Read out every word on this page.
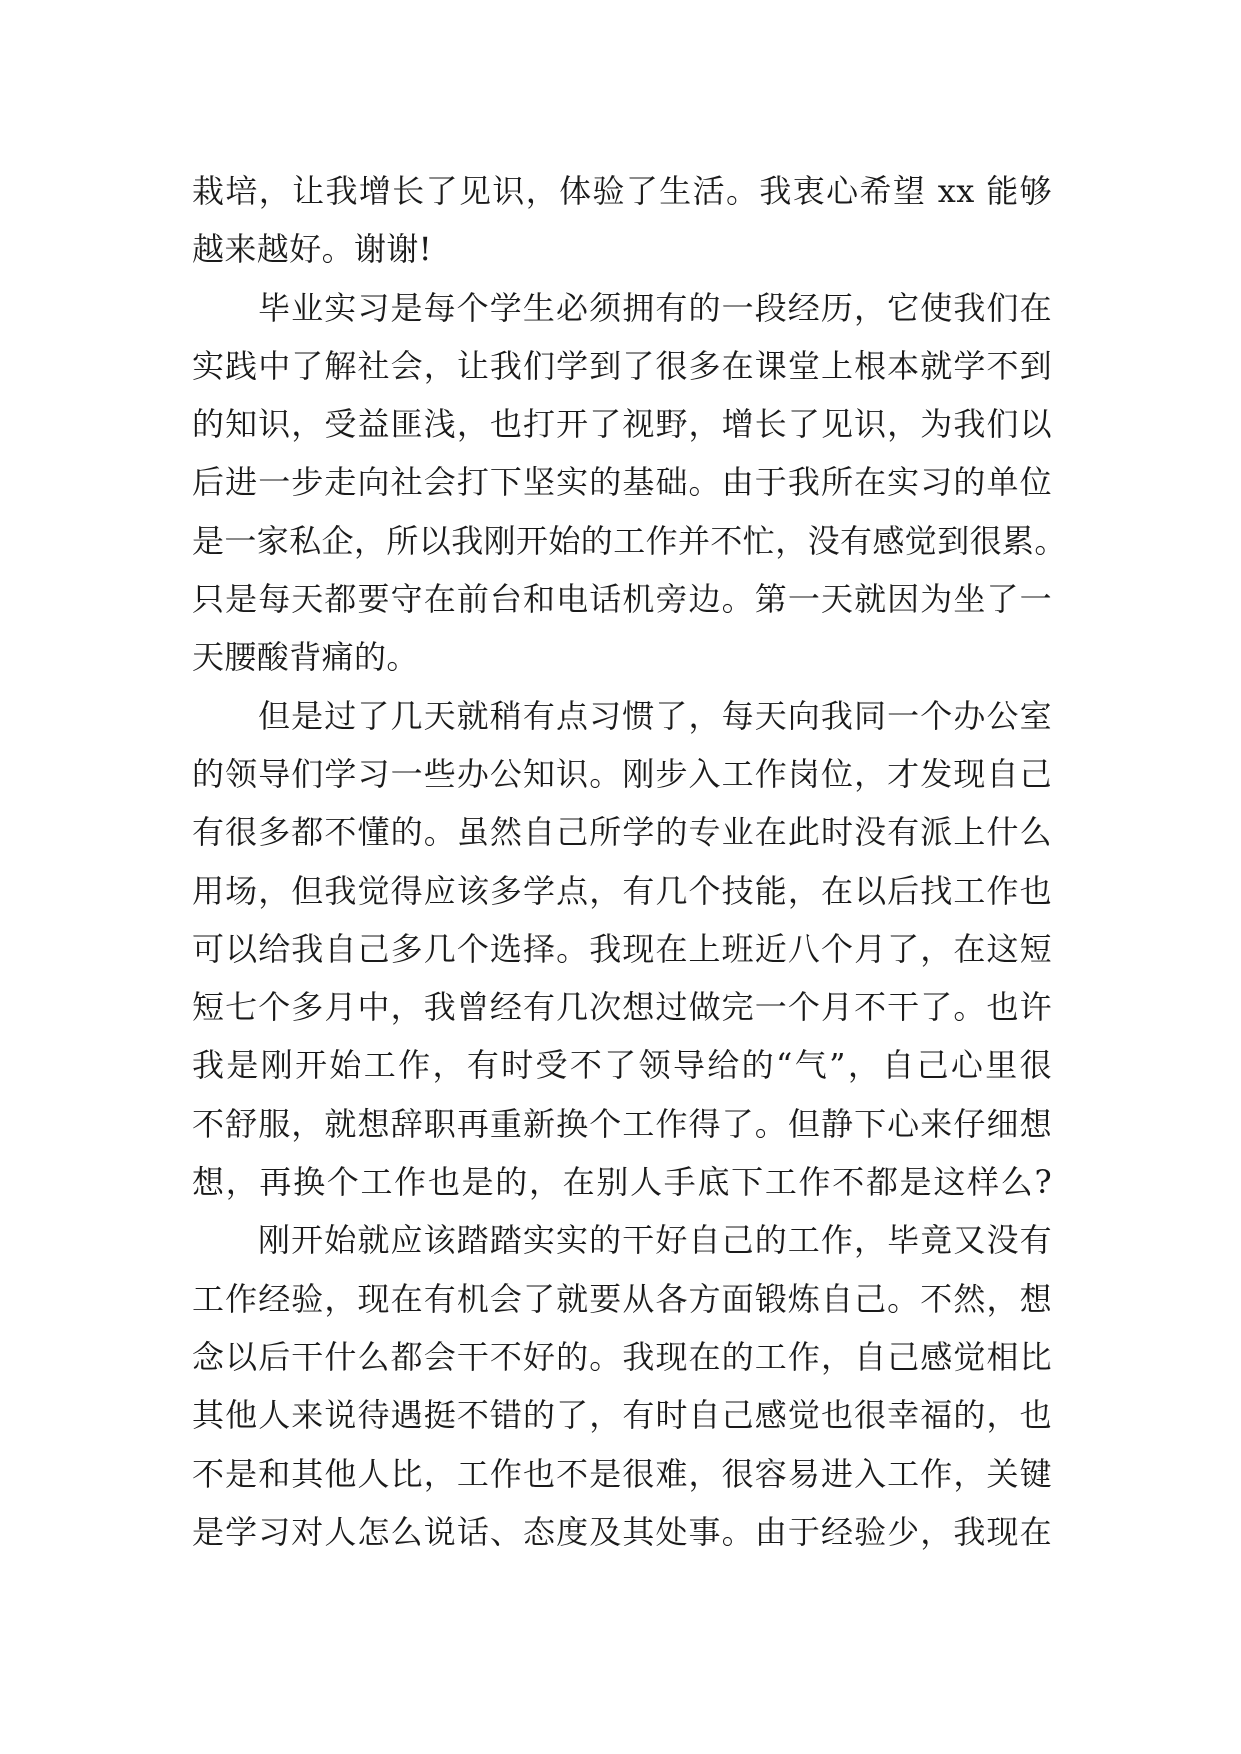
栽培，让我增长了见识，体验了生活。我衷心希望 xx 能够
越来越好。谢谢!
毕业实习是每个学生必须拥有的一段经历，它使我们在
实践中了解社会，让我们学到了很多在课堂上根本就学不到
的知识，受益匪浅，也打开了视野，增长了见识，为我们以
后进一步走向社会打下坚实的基础。由于我所在实习的单位
是一家私企，所以我刚开始的工作并不忙，没有感觉到很累。
只是每天都要守在前台和电话机旁边。第一天就因为坐了一
天腰酸背痛的。
但是过了几天就稍有点习惯了，每天向我同一个办公室
的领导们学习一些办公知识。刚步入工作岗位，才发现自己
有很多都不懂的。虽然自己所学的专业在此时没有派上什么
用场，但我觉得应该多学点，有几个技能，在以后找工作也
可以给我自己多几个选择。我现在上班近八个月了，在这短
短七个多月中，我曾经有几次想过做完一个月不干了。也许
我是刚开始工作，有时受不了领导给的“气”，自己心里很
不舒服，就想辞职再重新换个工作得了。但静下心来仔细想
想，再换个工作也是的，在别人手底下工作不都是这样么?
刚开始就应该踏踏实实的干好自己的工作，毕竟又没有
工作经验，现在有机会了就要从各方面锻炼自己。不然，想
念以后干什么都会干不好的。我现在的工作，自己感觉相比
其他人来说待遇挺不错的了，有时自己感觉也很幸福的，也
不是和其他人比，工作也不是很难，很容易进入工作，关键
是学习对人怎么说话、态度及其处事。由于经验少，我现在
